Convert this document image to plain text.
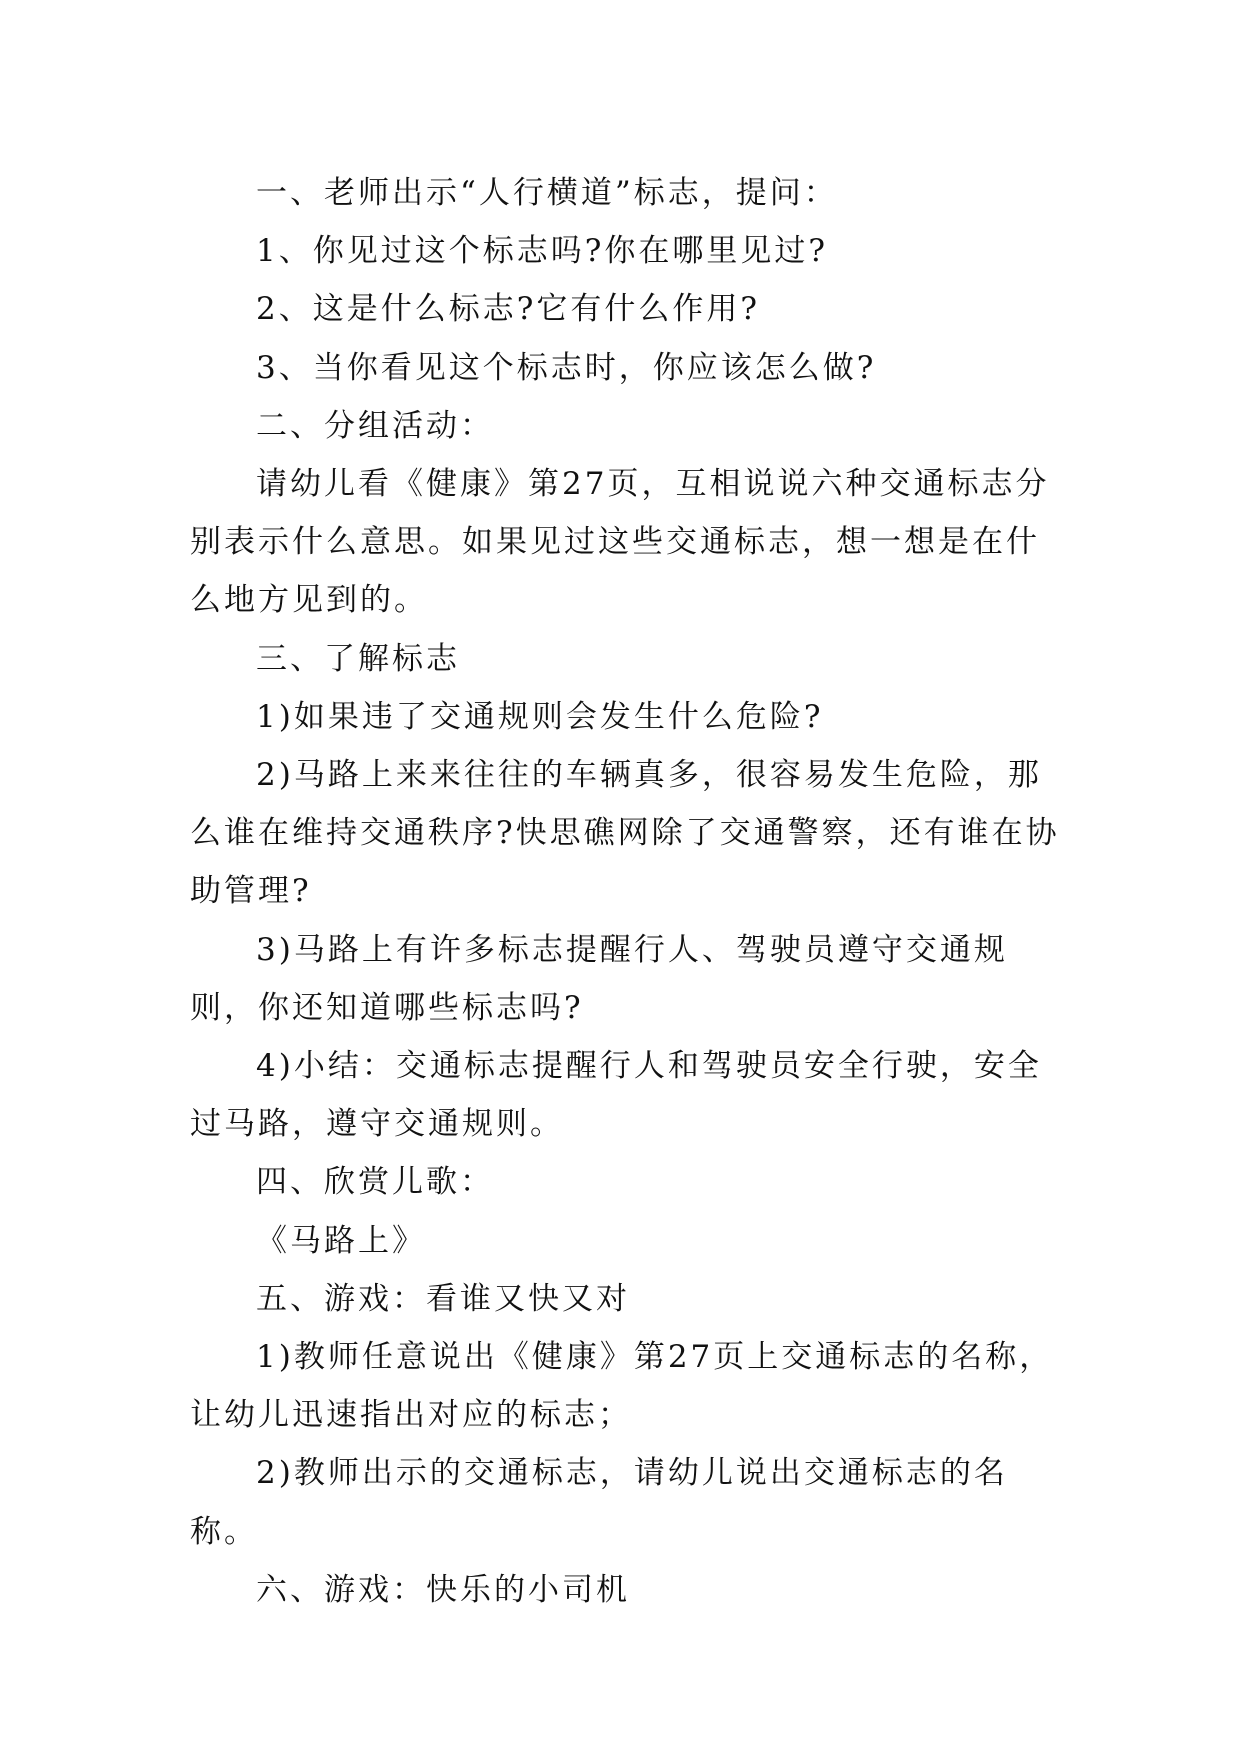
一、老师出示“人行横道”标志，提问：

1、你见过这个标志吗?你在哪里见过?

2、这是什么标志?它有什么作用?

3、当你看见这个标志时，你应该怎么做?

二、分组活动：

请幼儿看《健康》第27页，互相说说六种交通标志分别表示什么意思。如果见过这些交通标志，想一想是在什么地方见到的。

三、了解标志

1)如果违了交通规则会发生什么危险?

2)马路上来来往往的车辆真多，很容易发生危险，那么谁在维持交通秩序?快思礁网除了交通警察，还有谁在协助管理?

3)马路上有许多标志提醒行人、驾驶员遵守交通规则，你还知道哪些标志吗?

4)小结：交通标志提醒行人和驾驶员安全行驶，安全过马路，遵守交通规则。

四、欣赏儿歌：

《马路上》

五、游戏：看谁又快又对

1)教师任意说出《健康》第27页上交通标志的名称，让幼儿迅速指出对应的标志；

2)教师出示的交通标志，请幼儿说出交通标志的名称。

六、游戏：快乐的小司机
